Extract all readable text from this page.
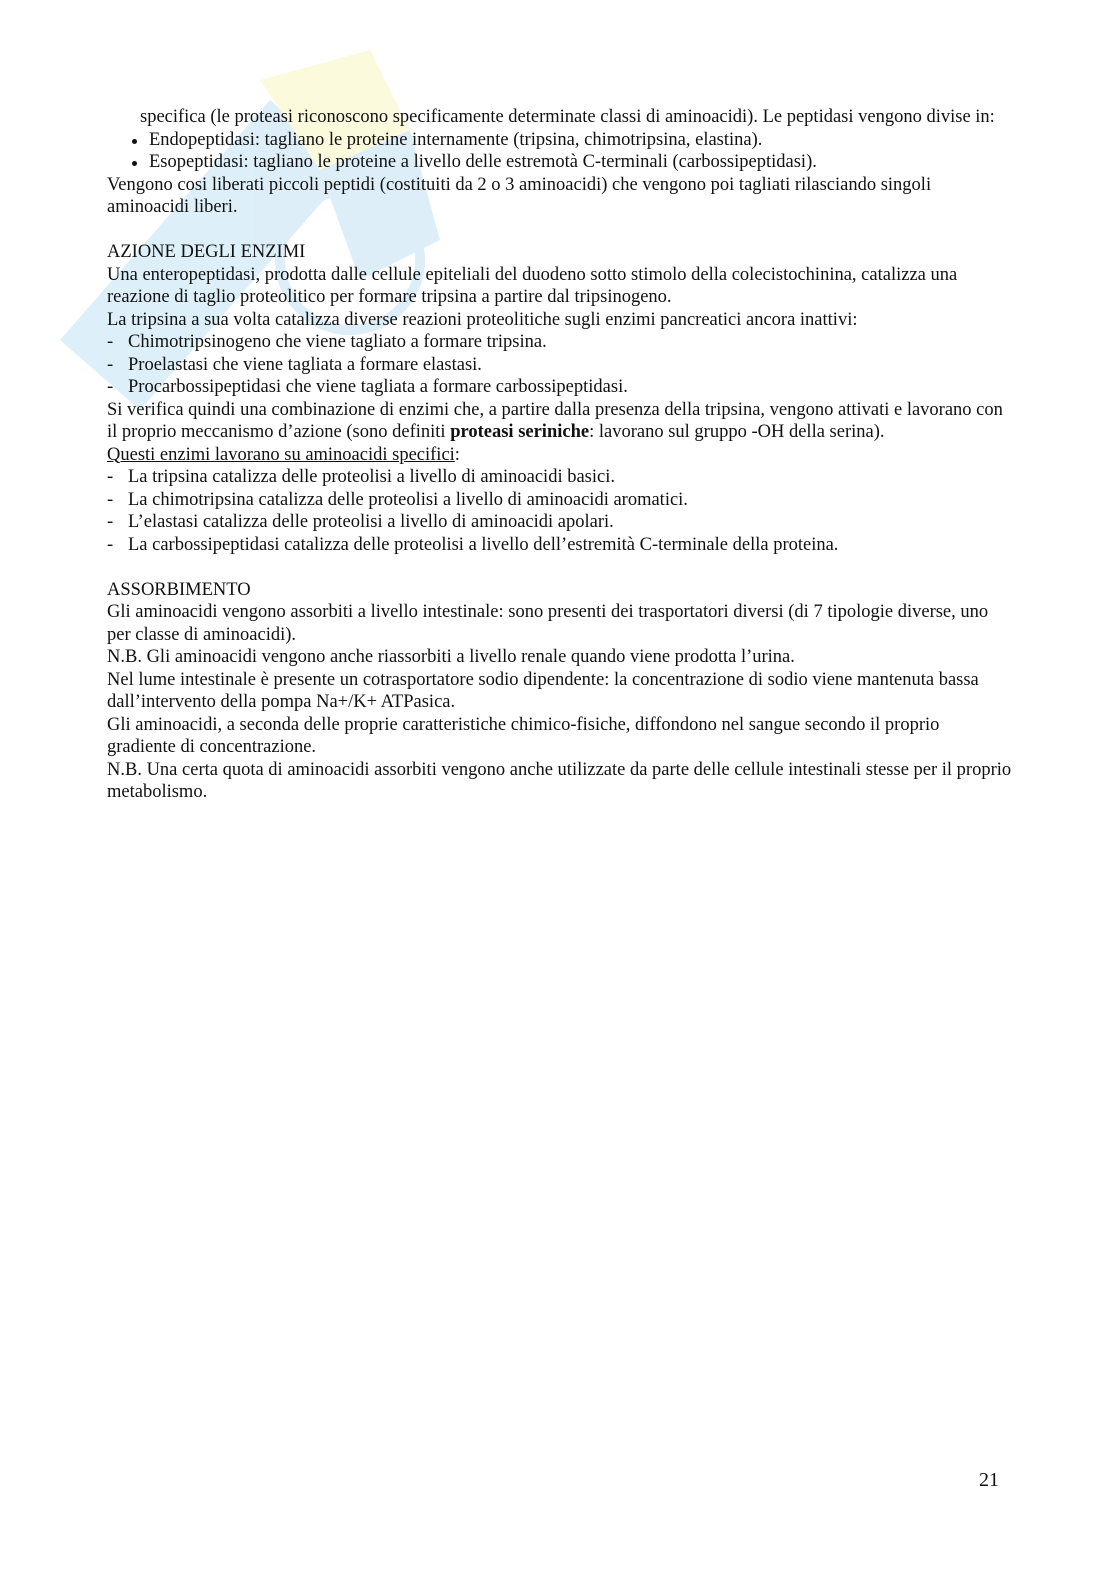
specifica (le proteasi riconoscono specificamente determinate classi di aminoacidi). Le peptidasi vengono divise in:

Endopeptidasi: tagliano le proteine internamente (tripsina, chimotripsina, elastina).
Esopeptidasi: tagliano le proteine a livello delle estremotà C-terminali (carbossipeptidasi).

Vengono cosi liberati piccoli peptidi (costituiti da 2 o 3 aminoacidi) che vengono poi tagliati rilasciando singoli aminoacidi liberi.

AZIONE DEGLI ENZIMI

Una enteropeptidasi, prodotta dalle cellule epiteliali del duodeno sotto stimolo della colecistochinina, catalizza una reazione di taglio proteolitico per formare tripsina a partire dal tripsinogeno.

La tripsina a sua volta catalizza diverse reazioni proteolitiche sugli enzimi pancreatici ancora inattivi:

- Chimotripsinogeno che viene tagliato a formare tripsina.
- Proelastasi che viene tagliata a formare elastasi.
- Procarbossipeptidasi che viene tagliata a formare carbossipeptidasi.

Si verifica quindi una combinazione di enzimi che, a partire dalla presenza della tripsina, vengono attivati e lavorano con il proprio meccanismo d’azione (sono definiti proteasi seriniche: lavorano sul gruppo -OH della serina).

Questi enzimi lavorano su aminoacidi specifici:

- La tripsina catalizza delle proteolisi a livello di aminoacidi basici.
- La chimotripsina catalizza delle proteolisi a livello di aminoacidi aromatici.
- L’elastasi catalizza delle proteolisi a livello di aminoacidi apolari.
- La carbossipeptidasi catalizza delle proteolisi a livello dell’estremità C-terminale della proteina.

ASSORBIMENTO

Gli aminoacidi vengono assorbiti a livello intestinale: sono presenti dei trasportatori diversi (di 7 tipologie diverse, uno per classe di aminoacidi).

N.B. Gli aminoacidi vengono anche riassorbiti a livello renale quando viene prodotta l’urina.

Nel lume intestinale è presente un cotrasportatore sodio dipendente: la concentrazione di sodio viene mantenuta bassa dall’intervento della pompa Na+/K+ ATPasica.

Gli aminoacidi, a seconda delle proprie caratteristiche chimico-fisiche, diffondono nel sangue secondo il proprio gradiente di concentrazione.

N.B. Una certa quota di aminoacidi assorbiti vengono anche utilizzate da parte delle cellule intestinali stesse per il proprio metabolismo.

21
